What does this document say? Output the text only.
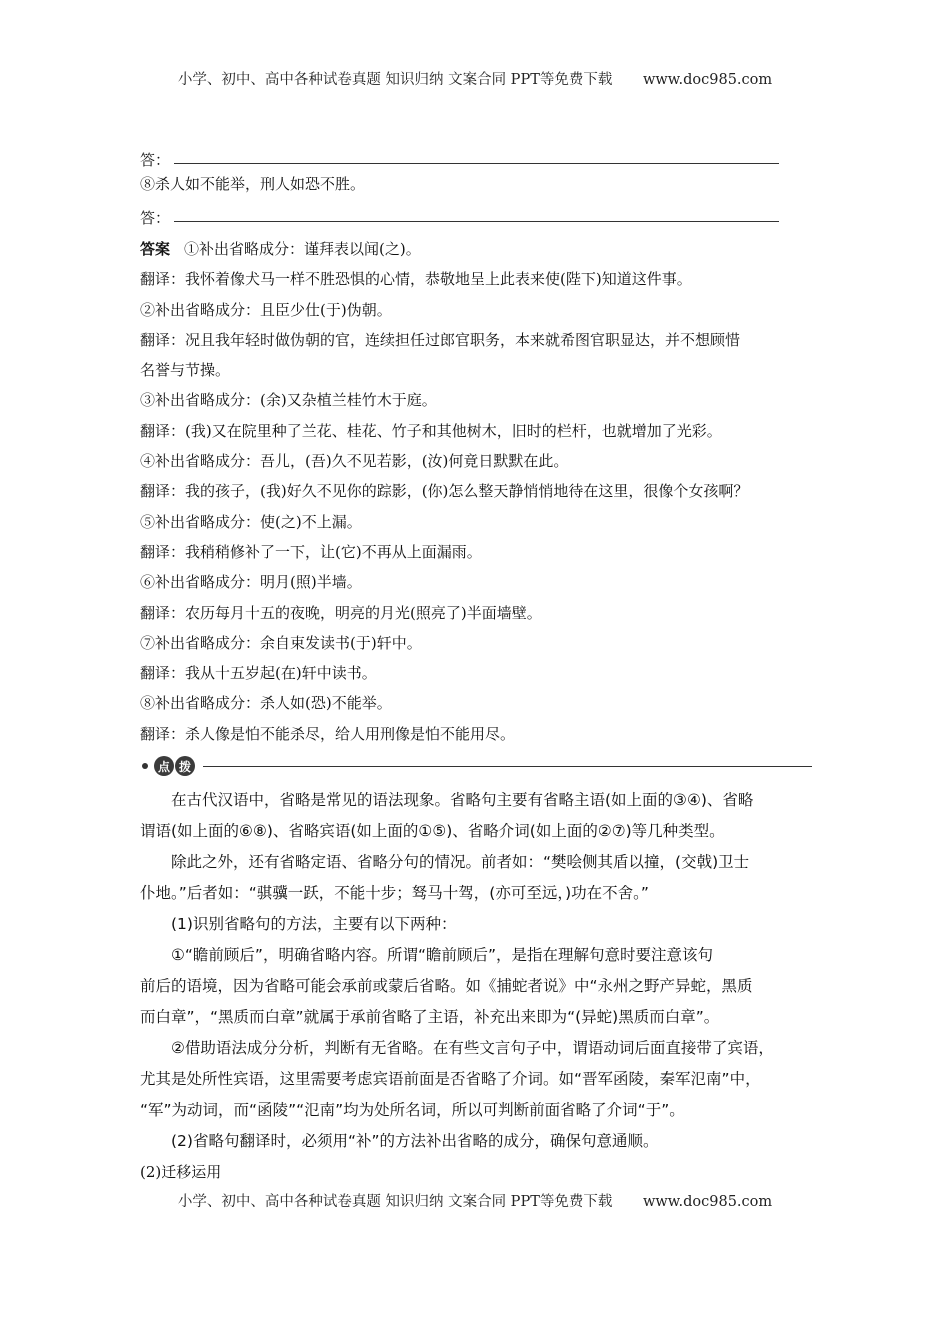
小学、初中、高中各种试卷真题 知识归纳 文案合同 PPT等免费下载 www.doc985.com
答：
⑧杀人如不能举，刑人如恐不胜。
答：

答案 ①补出省略成分：谨拜表以闻(之)。

翻译：我怀着像犬马一样不胜恐惧的心情，恭敬地呈上此表来使(陛下)知道这件事。

②补出省略成分：且臣少仕(于)伪朝。

翻译：况且我年轻时做伪朝的官，连续担任过郎官职务，本来就希图官职显达，并不想顾惜

名誉与节操。

③补出省略成分：(余)又杂植兰桂竹木于庭。

翻译：(我)又在院里种了兰花、桂花、竹子和其他树木，旧时的栏杆，也就增加了光彩。

④补出省略成分：吾儿，(吾)久不见若影，(汝)何竟日默默在此。

翻译：我的孩子，(我)好久不见你的踪影，(你)怎么整天静悄悄地待在这里，很像个女孩啊？

⑤补出省略成分：使(之)不上漏。

翻译：我稍稍修补了一下，让(它)不再从上面漏雨。

⑥补出省略成分：明月(照)半墙。

翻译：农历每月十五的夜晚，明亮的月光(照亮了)半面墙壁。

⑦补出省略成分：余自束发读书(于)轩中。

翻译：我从十五岁起(在)轩中读书。

⑧补出省略成分：杀人如(恐)不能举。

翻译：杀人像是怕不能杀尽，给人用刑像是怕不能用尽。

点 拨

在古代汉语中，省略是常见的语法现象。省略句主要有省略主语(如上面的③④)、省略

谓语(如上面的⑥⑧)、省略宾语(如上面的①⑤)、省略介词(如上面的②⑦)等几种类型。

除此之外，还有省略定语、省略分句的情况。前者如：“樊哙侧其盾以撞，(交戟)卫士

仆地。”后者如：“骐骥一跃，不能十步；驽马十驾，(亦可至远，)功在不舍。”

(1)识别省略句的方法，主要有以下两种：

①“瞻前顾后”，明确省略内容。所谓“瞻前顾后”，是指在理解句意时要注意该句

前后的语境，因为省略可能会承前或蒙后省略。如《捕蛇者说》中“永州之野产异蛇，黑质

而白章”，“黑质而白章”就属于承前省略了主语，补充出来即为“(异蛇)黑质而白章”。

②借助语法成分分析，判断有无省略。在有些文言句子中，谓语动词后面直接带了宾语，

尤其是处所性宾语，这里需要考虑宾语前面是否省略了介词。如“晋军函陵，秦军氾南”中，

“军”为动词，而“函陵”“氾南”均为处所名词，所以可判断前面省略了介词“于”。

(2)省略句翻译时，必须用“补”的方法补出省略的成分，确保句意通顺。

(2)迁移运用

小学、初中、高中各种试卷真题 知识归纳 文案合同 PPT等免费下载 www.doc985.com
